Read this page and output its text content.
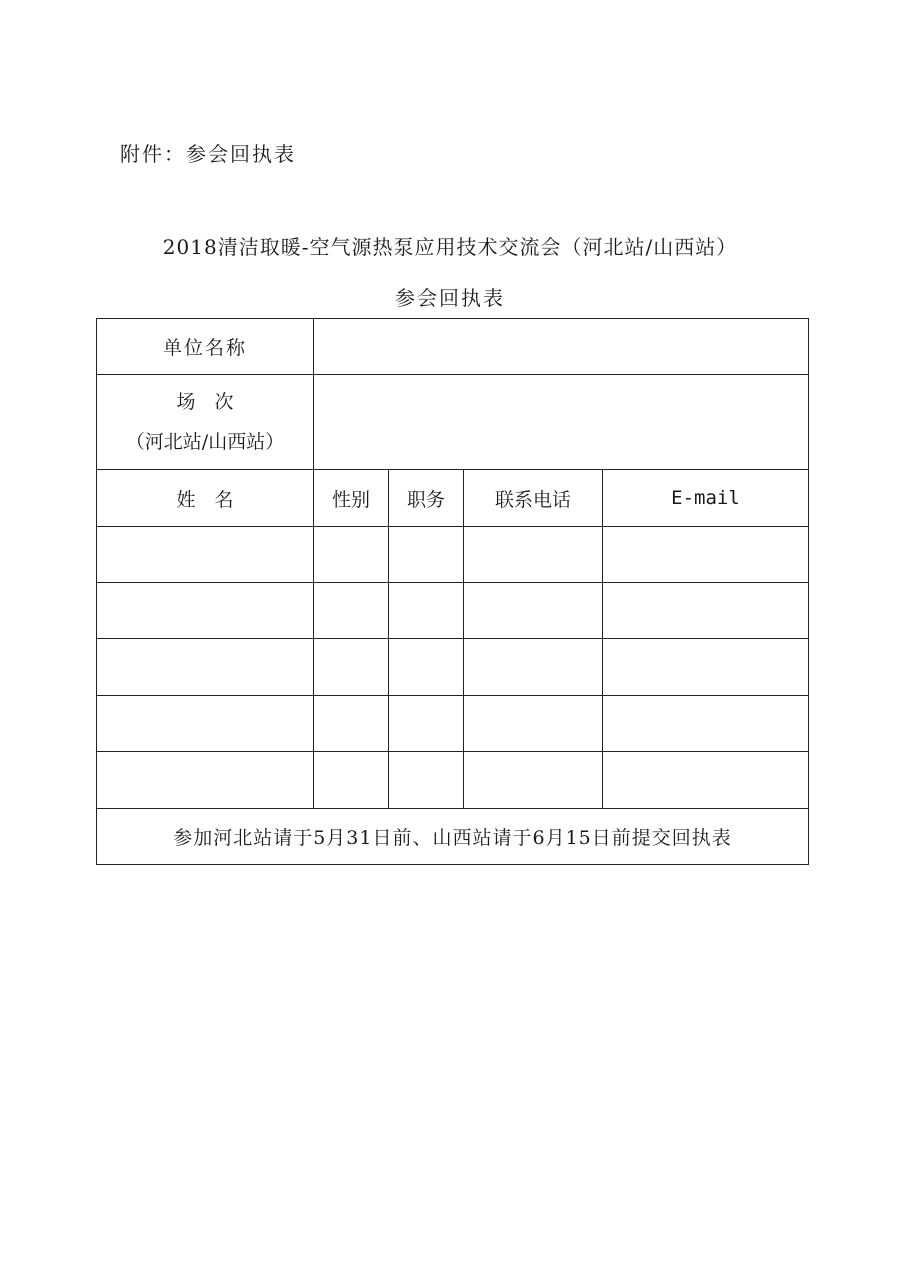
附件：参会回执表
2018清洁取暖-空气源热泵应用技术交流会（河北站/山西站）
参会回执表
单位名称				

场　次
（河北站/山西站）				

姓　名	性别	职务	联系电话	E-mail

参加河北站请于5月31日前、山西站请于6月15日前提交回执表				
